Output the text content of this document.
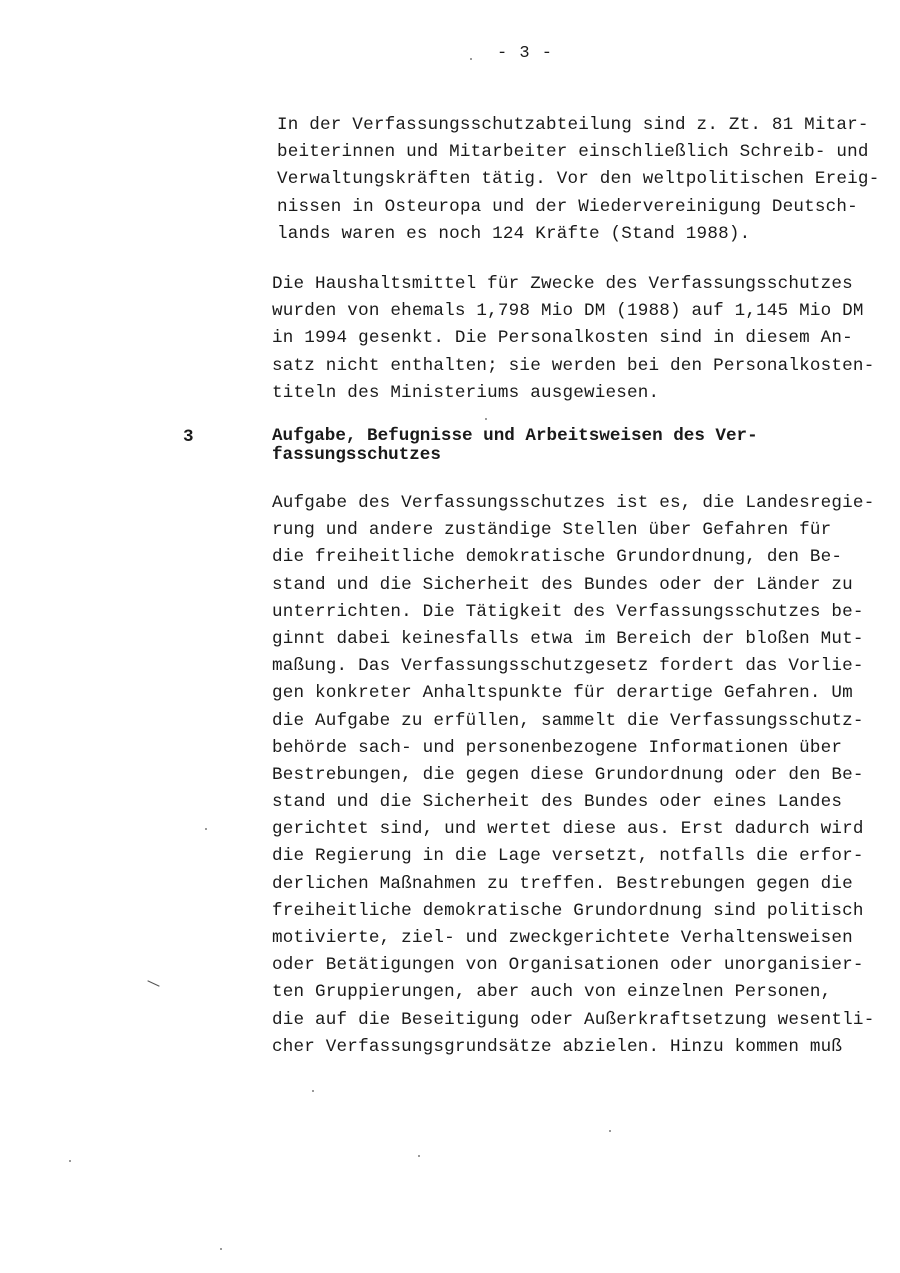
- 3 -
In der Verfassungsschutzabteilung sind z. Zt. 81 Mitar-
beiterinnen und Mitarbeiter einschließlich Schreib- und
Verwaltungskräften tätig. Vor den weltpolitischen Ereig-
nissen in Osteuropa und der Wiedervereinigung Deutsch-
lands waren es noch 124 Kräfte (Stand 1988).
Die Haushaltsmittel für Zwecke des Verfassungsschutzes
wurden von ehemals 1,798 Mio DM (1988) auf 1,145 Mio DM
in 1994 gesenkt. Die Personalkosten sind in diesem An-
satz nicht enthalten; sie werden bei den Personalkosten-
titeln des Ministeriums ausgewiesen.
3	Aufgabe, Befugnisse und Arbeitsweisen des Ver-
fassungsschutzes
Aufgabe des Verfassungsschutzes ist es, die Landesregie-
rung und andere zuständige Stellen über Gefahren für
die freiheitliche demokratische Grundordnung, den Be-
stand und die Sicherheit des Bundes oder der Länder zu
unterrichten. Die Tätigkeit des Verfassungsschutzes be-
ginnt dabei keinesfalls etwa im Bereich der bloßen Mut-
maßung. Das Verfassungsschutzgesetz fordert das Vorlie-
gen konkreter Anhaltspunkte für derartige Gefahren. Um
die Aufgabe zu erfüllen, sammelt die Verfassungsschutz-
behörde sach- und personenbezogene Informationen über
Bestrebungen, die gegen diese Grundordnung oder den Be-
stand und die Sicherheit des Bundes oder eines Landes
gerichtet sind, und wertet diese aus. Erst dadurch wird
die Regierung in die Lage versetzt, notfalls die erfor-
derlichen Maßnahmen zu treffen. Bestrebungen gegen die
freiheitliche demokratische Grundordnung sind politisch
motivierte, ziel- und zweckgerichtete Verhaltensweisen
oder Betätigungen von Organisationen oder unorganisier-
ten Gruppierungen, aber auch von einzelnen Personen,
die auf die Beseitigung oder Außerkraftsetzung wesentli-
cher Verfassungsgrundsätze abzielen. Hinzu kommen muß
